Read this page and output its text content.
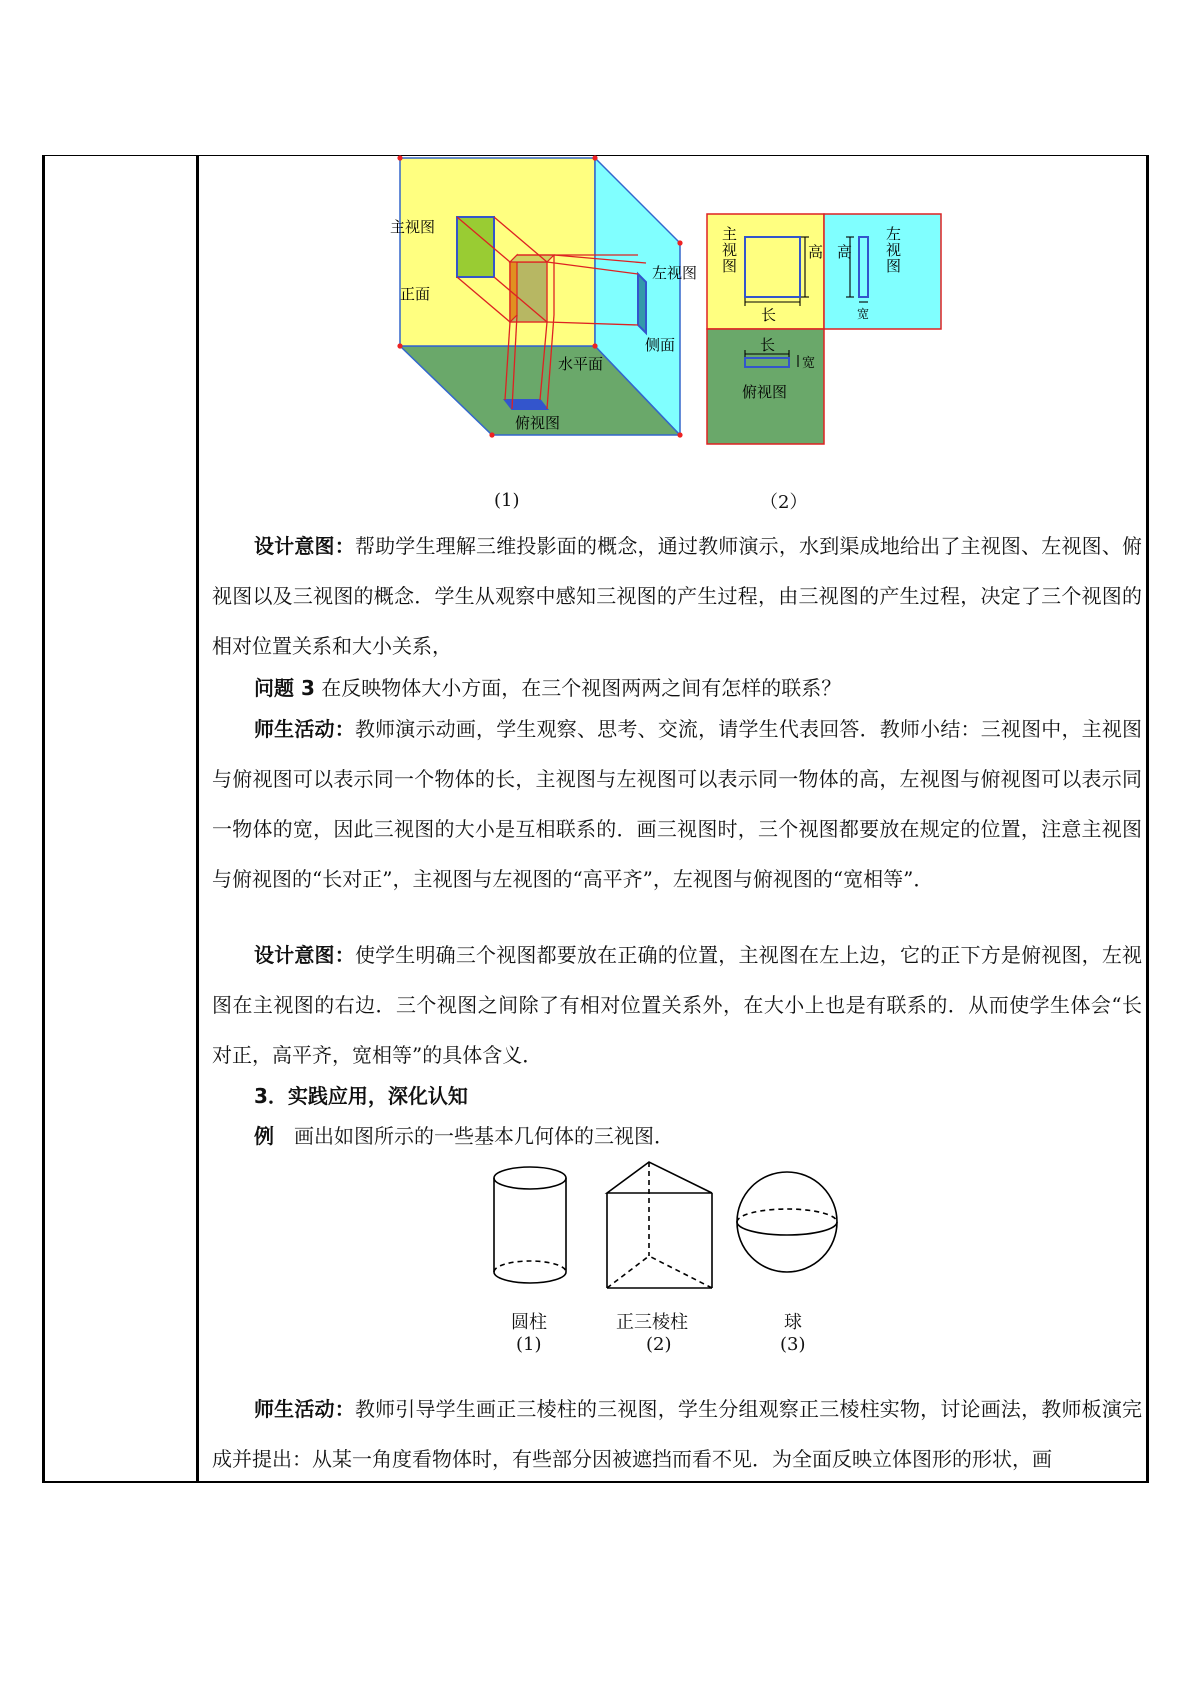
主视图
正面
左视图
侧面
水平面
俯视图
(1)
主
视
图
高
长
高
宽
左
视
图
长
宽
俯视图
（2）

设计意图：帮助学生理解三维投影面的概念，通过教师演示，水到渠成地给出了主视图、左视图、俯视图以及三视图的概念．学生从观察中感知三视图的产生过程，由三视图的产生过程，决定了三个视图的相对位置关系和大小关系，

问题 3 在反映物体大小方面，在三个视图两两之间有怎样的联系？

师生活动：教师演示动画，学生观察、思考、交流，请学生代表回答．教师小结：三视图中，主视图与俯视图可以表示同一个物体的长，主视图与左视图可以表示同一物体的高，左视图与俯视图可以表示同一物体的宽，因此三视图的大小是互相联系的．画三视图时，三个视图都要放在规定的位置，注意主视图与俯视图的“长对正”，主视图与左视图的“高平齐”，左视图与俯视图的“宽相等”．

设计意图：使学生明确三个视图都要放在正确的位置，主视图在左上边，它的正下方是俯视图，左视图在主视图的右边．三个视图之间除了有相对位置关系外，在大小上也是有联系的．从而使学生体会“长对正，高平齐，宽相等”的具体含义．

3．实践应用，深化认知

例　 画出如图所示的一些基本几何体的三视图．

圆柱
(1)
正三棱柱
(2)
球
(3)

师生活动：教师引导学生画正三棱柱的三视图，学生分组观察正三棱柱实物，讨论画法，教师板演完成并提出：从某一角度看物体时，有些部分因被遮挡而看不见．为全面反映立体图形的形状，画
